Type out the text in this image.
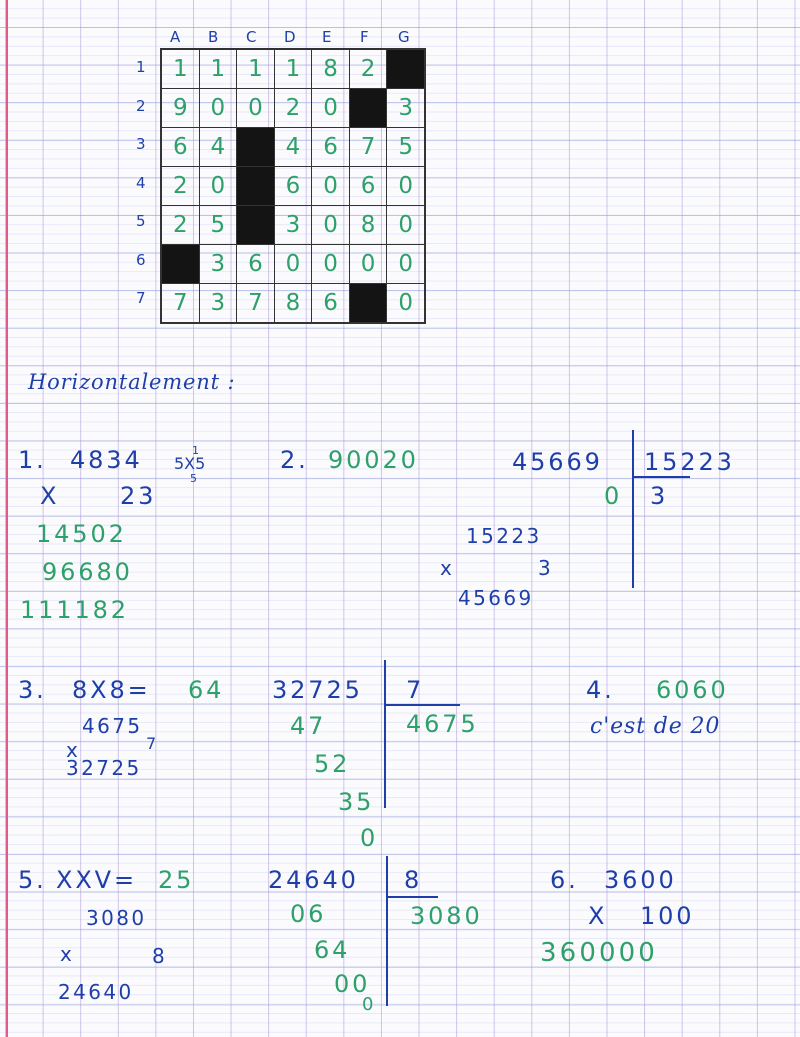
A B C D E F G
1
2
3
4
5
6
7
1	1	1	1	8	2	
9	0	0	2	0		3
6	4		4	6	7	5
2	0		6	0	6	0
2	5		3	0	8	0
	3	6	0	0	0	0
7	3	7	8	6		0
Horizontalement :
1. 4834	1
5X5
5
X	23
14502
96680
111182
2. 90020	45669 15223
0 3
15223
x	3
45669
3. 8X8= 64
4675
x	7
32725
32725 7
4675
47
52
35
0
4. 6060
c'est de 20
5. XXV= 25
3080
x	8
24640
24640 8
3080
06
64
00
0
6. 3600
X 100
360000
